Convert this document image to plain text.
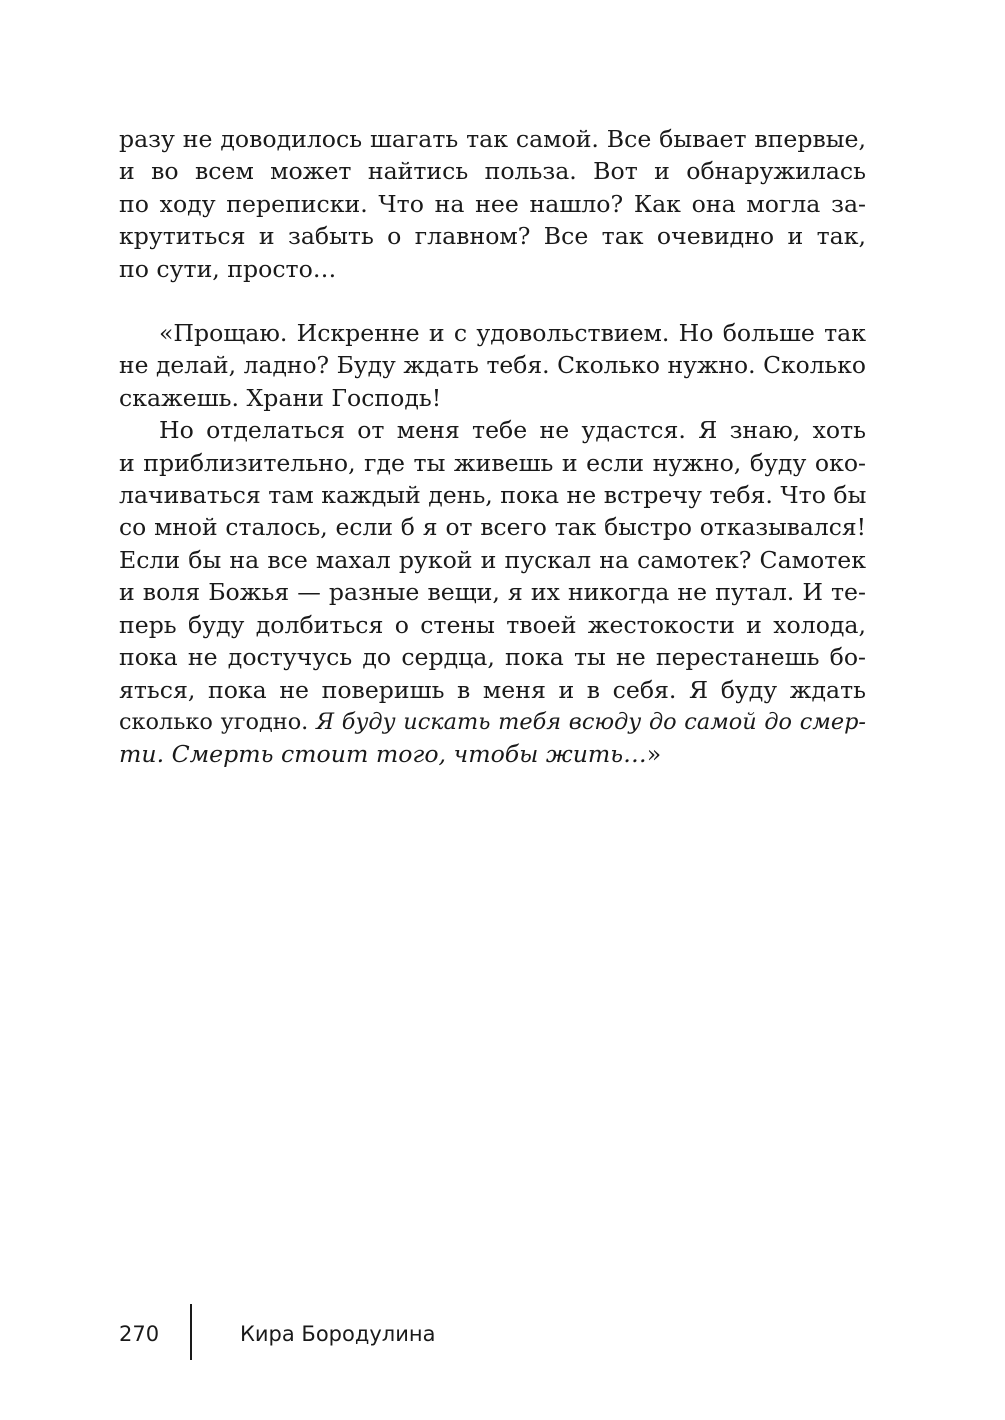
разу не доводилось шагать так самой. Все бывает впервые,
и во всем может найтись польза. Вот и обнаружилась
по ходу переписки. Что на нее нашло? Как она могла за-
крутиться и забыть о главном? Все так очевидно и так,
по сути, просто…

«Прощаю. Искренне и с удовольствием. Но больше так
не делай, ладно? Буду ждать тебя. Сколько нужно. Сколько
скажешь. Храни Господь!

Но отделаться от меня тебе не удастся. Я знаю, хоть
и приблизительно, где ты живешь и если нужно, буду око-
лачиваться там каждый день, пока не встречу тебя. Что бы
со мной сталось, если б я от всего так быстро отказывался!
Если бы на все махал рукой и пускал на самотек? Самотек
и воля Божья — разные вещи, я их никогда не путал. И те-
перь буду долбиться о стены твоей жестокости и холода,
пока не достучусь до сердца, пока ты не перестанешь бо-
яться, пока не поверишь в меня и в себя. Я буду ждать
сколько угодно. Я буду искать тебя всюду до самой до смер-
ти. Смерть стоит того, чтобы жить…»

270	Кира Бородулина
